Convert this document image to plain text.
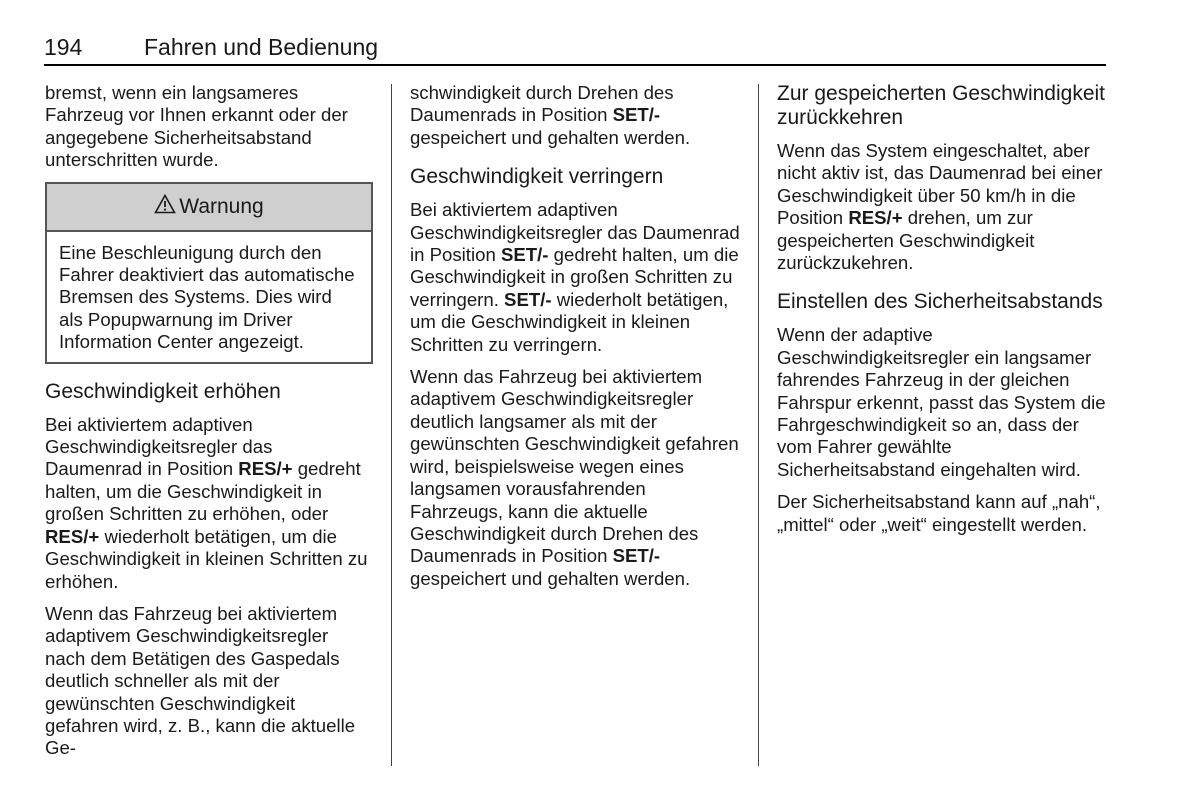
194	Fahren und Bedienung

bremst, wenn ein langsameres Fahrzeug vor Ihnen erkannt oder der angegebene Sicherheitsabstand unterschritten wurde.

Warnung
Eine Beschleunigung durch den Fahrer deaktiviert das automatische Bremsen des Systems. Dies wird als Popupwarnung im Driver Information Center angezeigt.
Geschwindigkeit erhöhen

Bei aktiviertem adaptiven Geschwindigkeitsregler das Daumenrad in Position RES/+ gedreht halten, um die Geschwindigkeit in großen Schritten zu erhöhen, oder RES/+ wiederholt betätigen, um die Geschwindigkeit in kleinen Schritten zu erhöhen.

Wenn das Fahrzeug bei aktiviertem adaptivem Geschwindigkeitsregler nach dem Betätigen des Gaspedals deutlich schneller als mit der gewünschten Geschwindigkeit gefahren wird, z. B., kann die aktuelle Ge-

schwindigkeit durch Drehen des Daumenrads in Position SET/- gespeichert und gehalten werden.

Geschwindigkeit verringern

Bei aktiviertem adaptiven Geschwindigkeitsregler das Daumenrad in Position SET/- gedreht halten, um die Geschwindigkeit in großen Schritten zu verringern. SET/- wiederholt betätigen, um die Geschwindigkeit in kleinen Schritten zu verringern.

Wenn das Fahrzeug bei aktiviertem adaptivem Geschwindigkeitsregler deutlich langsamer als mit der gewünschten Geschwindigkeit gefahren wird, beispielsweise wegen eines langsamen vorausfahrenden Fahrzeugs, kann die aktuelle Geschwindigkeit durch Drehen des Daumenrads in Position SET/- gespeichert und gehalten werden.

Zur gespeicherten Geschwindigkeit zurückkehren

Wenn das System eingeschaltet, aber nicht aktiv ist, das Daumenrad bei einer Geschwindigkeit über 50 km/h in die Position RES/+ drehen, um zur gespeicherten Geschwindigkeit zurückzukehren.

Einstellen des Sicherheitsabstands

Wenn der adaptive Geschwindigkeitsregler ein langsamer fahrendes Fahrzeug in der gleichen Fahrspur erkennt, passt das System die Fahrgeschwindigkeit so an, dass der vom Fahrer gewählte Sicherheitsabstand eingehalten wird.

Der Sicherheitsabstand kann auf „nah“, „mittel“ oder „weit“ eingestellt werden.
